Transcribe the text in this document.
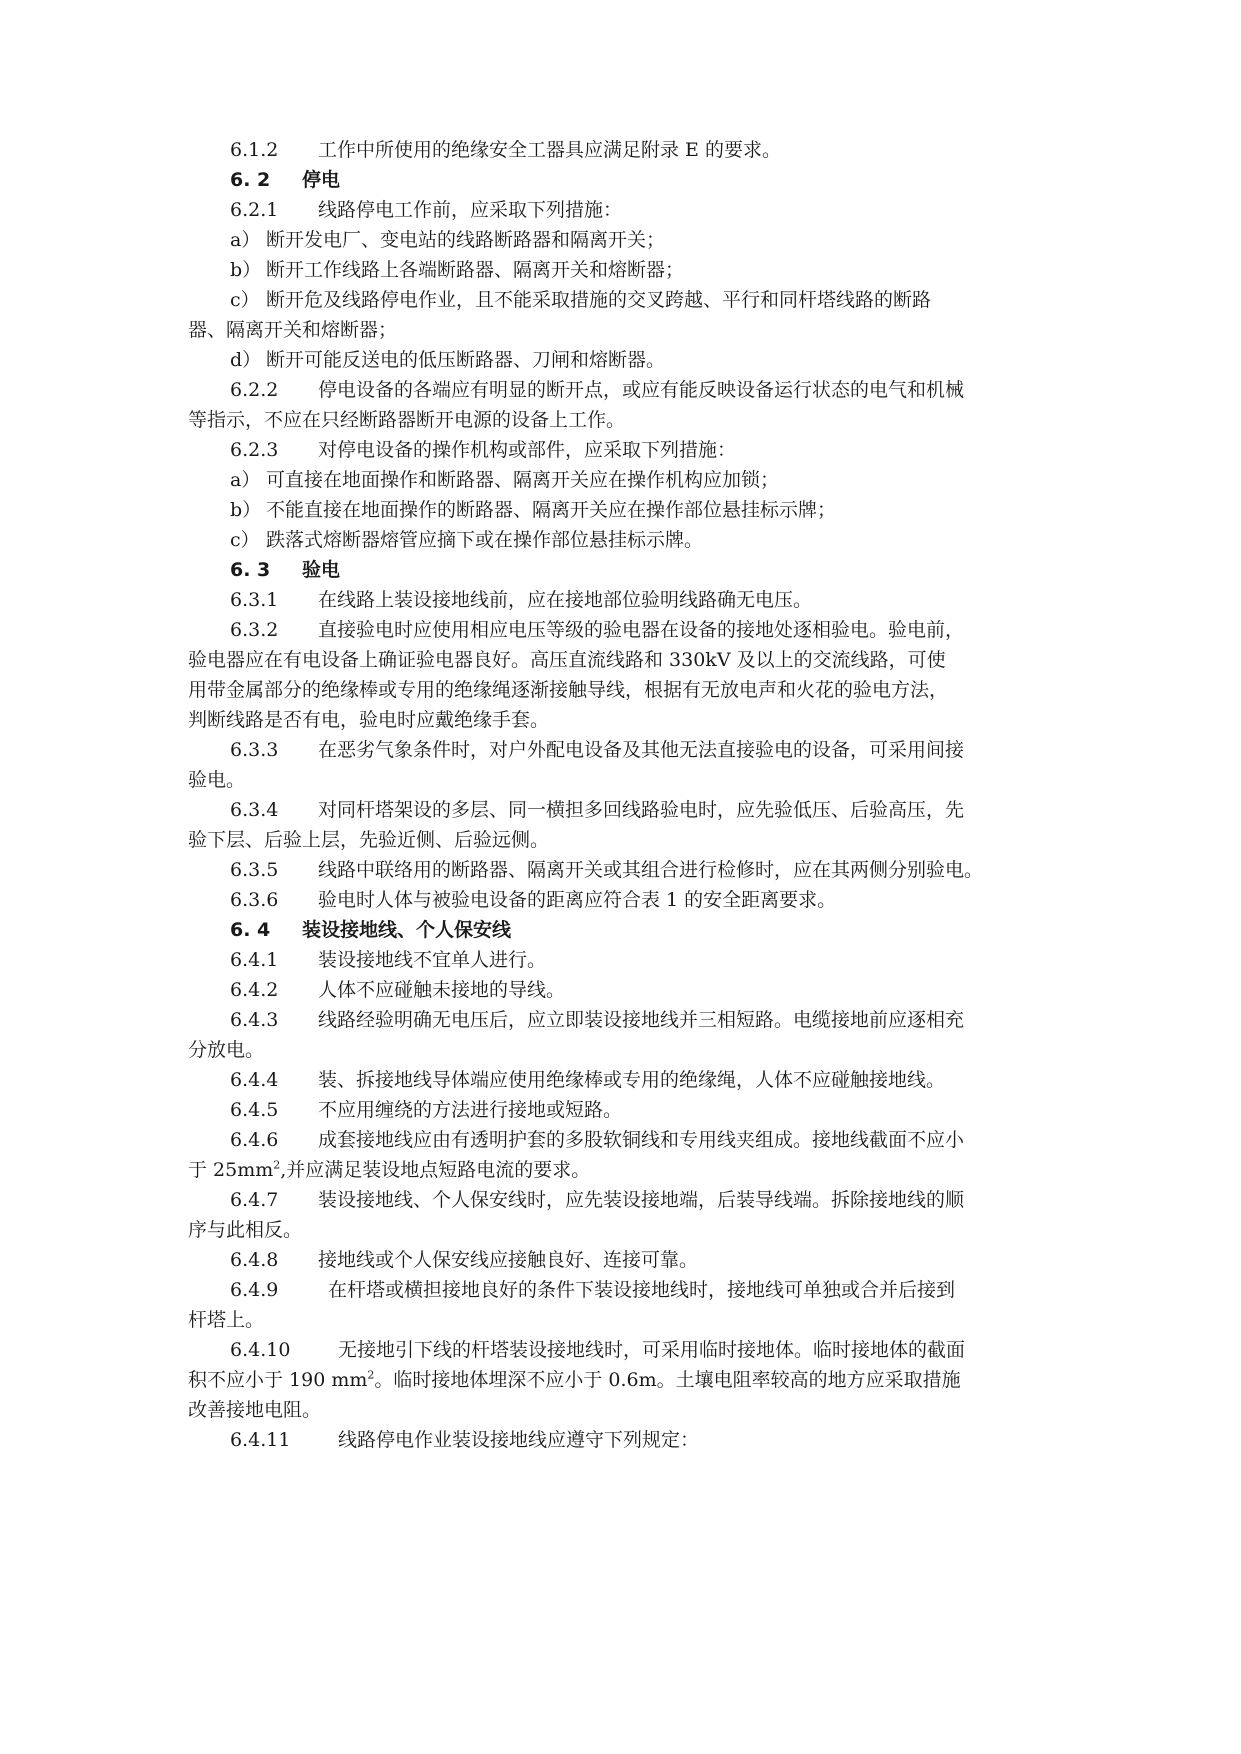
6.1.2 工作中所使用的绝缘安全工器具应满足附录 E 的要求。
6. 2 停电
6.2.1 线路停电工作前，应采取下列措施：
a） 断开发电厂、变电站的线路断路器和隔离开关；
b） 断开工作线路上各端断路器、隔离开关和熔断器；
c） 断开危及线路停电作业，且不能采取措施的交叉跨越、平行和同杆塔线路的断路
器、隔离开关和熔断器；
d） 断开可能反送电的低压断路器、刀闸和熔断器。
6.2.2 停电设备的各端应有明显的断开点，或应有能反映设备运行状态的电气和机械
等指示，不应在只经断路器断开电源的设备上工作。
6.2.3 对停电设备的操作机构或部件，应采取下列措施：
a） 可直接在地面操作和断路器、隔离开关应在操作机构应加锁；
b） 不能直接在地面操作的断路器、隔离开关应在操作部位悬挂标示牌；
c） 跌落式熔断器熔管应摘下或在操作部位悬挂标示牌。
6. 3 验电
6.3.1 在线路上装设接地线前，应在接地部位验明线路确无电压。
6.3.2 直接验电时应使用相应电压等级的验电器在设备的接地处逐相验电。验电前，
验电器应在有电设备上确证验电器良好。高压直流线路和 330kV 及以上的交流线路，可使
用带金属部分的绝缘棒或专用的绝缘绳逐渐接触导线，根据有无放电声和火花的验电方法，
判断线路是否有电，验电时应戴绝缘手套。
6.3.3 在恶劣气象条件时，对户外配电设备及其他无法直接验电的设备，可采用间接
验电。
6.3.4 对同杆塔架设的多层、同一横担多回线路验电时，应先验低压、后验高压，先
验下层、后验上层，先验近侧、后验远侧。
6.3.5 线路中联络用的断路器、隔离开关或其组合进行检修时，应在其两侧分别验电。
6.3.6 验电时人体与被验电设备的距离应符合表 1 的安全距离要求。
6. 4 装设接地线、个人保安线
6.4.1 装设接地线不宜单人进行。
6.4.2 人体不应碰触未接地的导线。
6.4.3 线路经验明确无电压后，应立即装设接地线并三相短路。电缆接地前应逐相充
分放电。
6.4.4 装、拆接地线导体端应使用绝缘棒或专用的绝缘绳，人体不应碰触接地线。
6.4.5 不应用缠绕的方法进行接地或短路。
6.4.6 成套接地线应由有透明护套的多股软铜线和专用线夹组成。接地线截面不应小
于 $25mm^2$,并应满足装设地点短路电流的要求。
6.4.7 装设接地线、个人保安线时，应先装设接地端，后装导线端。拆除接地线的顺
序与此相反。
6.4.8 接地线或个人保安线应接触良好、连接可靠。
6.4.9	在杆塔或横担接地良好的条件下装设接地线时，接地线可单独或合并后接到
杆塔上。
6.4.10	无接地引下线的杆塔装设接地线时，可采用临时接地体。临时接地体的截面
积不应小于 190 $mm^2$。临时接地体埋深不应小于 0.6m。土壤电阻率较高的地方应采取措施
改善接地电阻。
6.4.11	线路停电作业装设接地线应遵守下列规定：
